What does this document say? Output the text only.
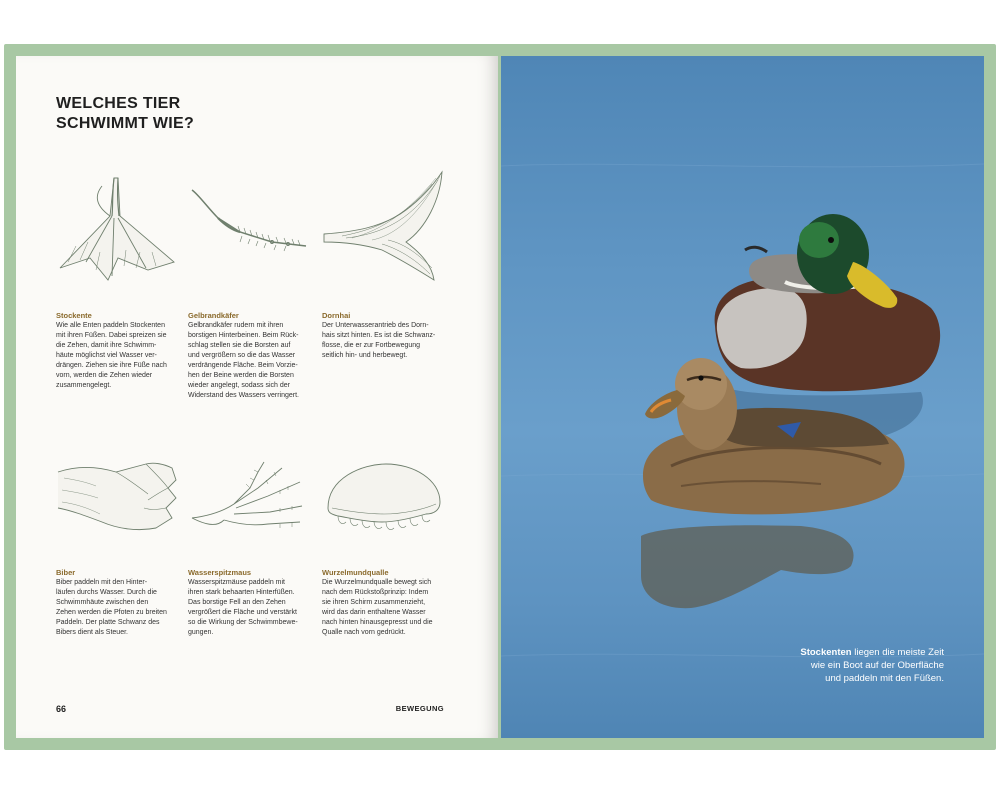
WELCHES TIER
SCHWIMMT WIE?
Stockente
Wie alle Enten paddeln Stockenten
mit ihren Füßen. Dabei spreizen sie
die Zehen, damit ihre Schwimm-
häute möglichst viel Wasser ver-
drängen. Ziehen sie ihre Füße nach
vorn, werden die Zehen wieder
zusammengelegt.
Gelbrandkäfer
Gelbrandkäfer rudern mit ihren
borstigen Hinterbeinen. Beim Rück-
schlag stellen sie die Borsten auf
und vergrößern so die das Wasser
verdrängende Fläche. Beim Vorzie-
hen der Beine werden die Borsten
wieder angelegt, sodass sich der
Widerstand des Wassers verringert.
Dornhai
Der Unterwasserantrieb des Dorn-
hais sitzt hinten. Es ist die Schwanz-
flosse, die er zur Fortbewegung
seitlich hin- und herbewegt.
Biber
Biber paddeln mit den Hinter-
läufen durchs Wasser. Durch die
Schwimmhäute zwischen den
Zehen werden die Pfoten zu breiten
Paddeln. Der platte Schwanz des
Bibers dient als Steuer.
Wasserspitzmaus
Wasserspitzmäuse paddeln mit
ihren stark behaarten Hinterfüßen.
Das borstige Fell an den Zehen
vergrößert die Fläche und verstärkt
so die Wirkung der Schwimmbewe-
gungen.
Wurzelmundqualle
Die Wurzelmundqualle bewegt sich
nach dem Rückstoßprinzip: Indem
sie ihren Schirm zusammenzieht,
wird das darin enthaltene Wasser
nach hinten hinausgepresst und die
Qualle nach vorn gedrückt.
66	BEWEGUNG
Stockenten liegen die meiste Zeit
wie ein Boot auf der Oberfläche
und paddeln mit den Füßen.
